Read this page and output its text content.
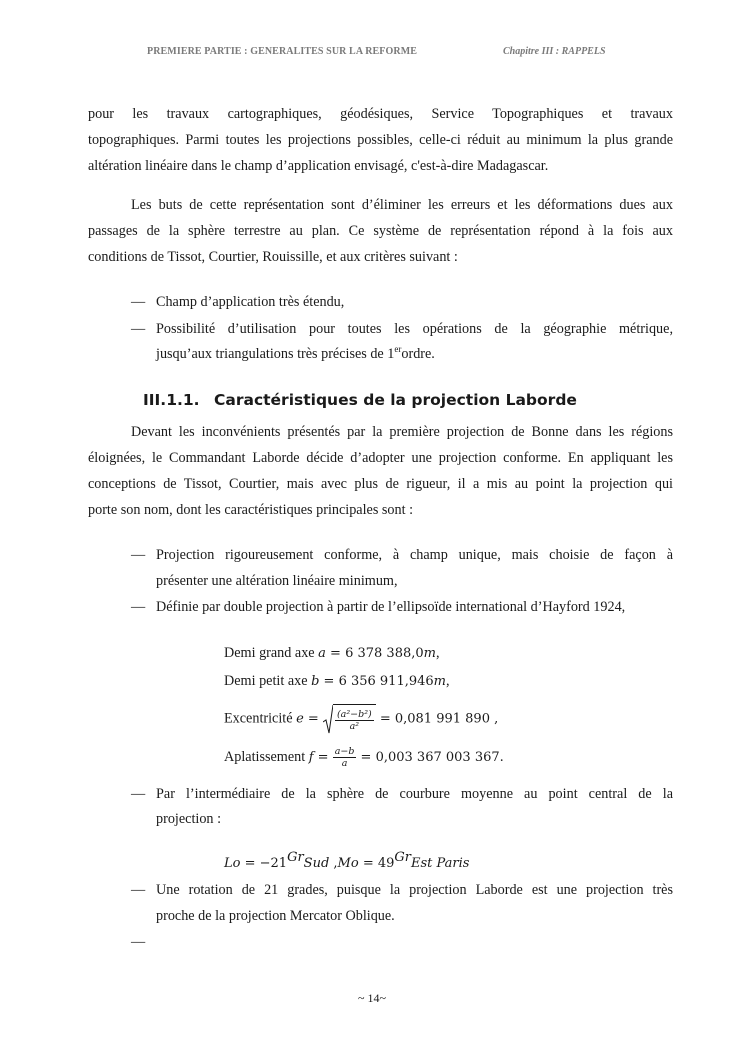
PREMIERE PARTIE : GENERALITES SUR LA REFORME	Chapitre III : RAPPELS
pour les travaux cartographiques, géodésiques, Service Topographiques et travaux
topographiques. Parmi toutes les projections possibles, celle-ci réduit au minimum la plus grande
altération linéaire dans le champ d’application envisagé, c'est-à-dire Madagascar.
Les buts de cette représentation sont d’éliminer les erreurs et les déformations dues aux
passages de la sphère terrestre au plan. Ce système de représentation répond à la fois aux
conditions de Tissot, Courtier, Rouissille, et aux critères suivant :
— Champ d’application très étendu,
— Possibilité d’utilisation pour toutes les opérations de la géographie métrique,
jusqu’aux triangulations très précises de 1erordre.
III.1.1. Caractéristiques de la projection Laborde
Devant les inconvénients présentés par la première projection de Bonne dans les régions
éloignées, le Commandant Laborde décide d’adopter une projection conforme. En appliquant les
conceptions de Tissot, Courtier, mais avec plus de rigueur, il a mis au point la projection qui
porte son nom, dont les caractéristiques principales sont :
— Projection rigoureusement conforme, à champ unique, mais choisie de façon à
présenter une altération linéaire minimum,
— Définie par double projection à partir de l’ellipsoïde international d’Hayford 1924,
Demi grand axe a = 6 378 388,0m,
Demi petit axe b = 6 356 911,946m,
Excentricité $e = \frac{\text{(a²−b²)}}{\text{a²}} = 0,081$ 991 890 ,
Aplatissement $f = \frac{a-b}{a} = 0,003$ 367 003 367.
— Par l’intermédiaire de la sphère de courbure moyenne au point central de la
projection :
$Lo = -21^{Gr}Sud$ $,Mo = 49^{Gr}Est$ Paris
— Une rotation de 21 grades, puisque la projection Laborde est une projection très
proche de la projection Mercator Oblique.
—
~ 14~
